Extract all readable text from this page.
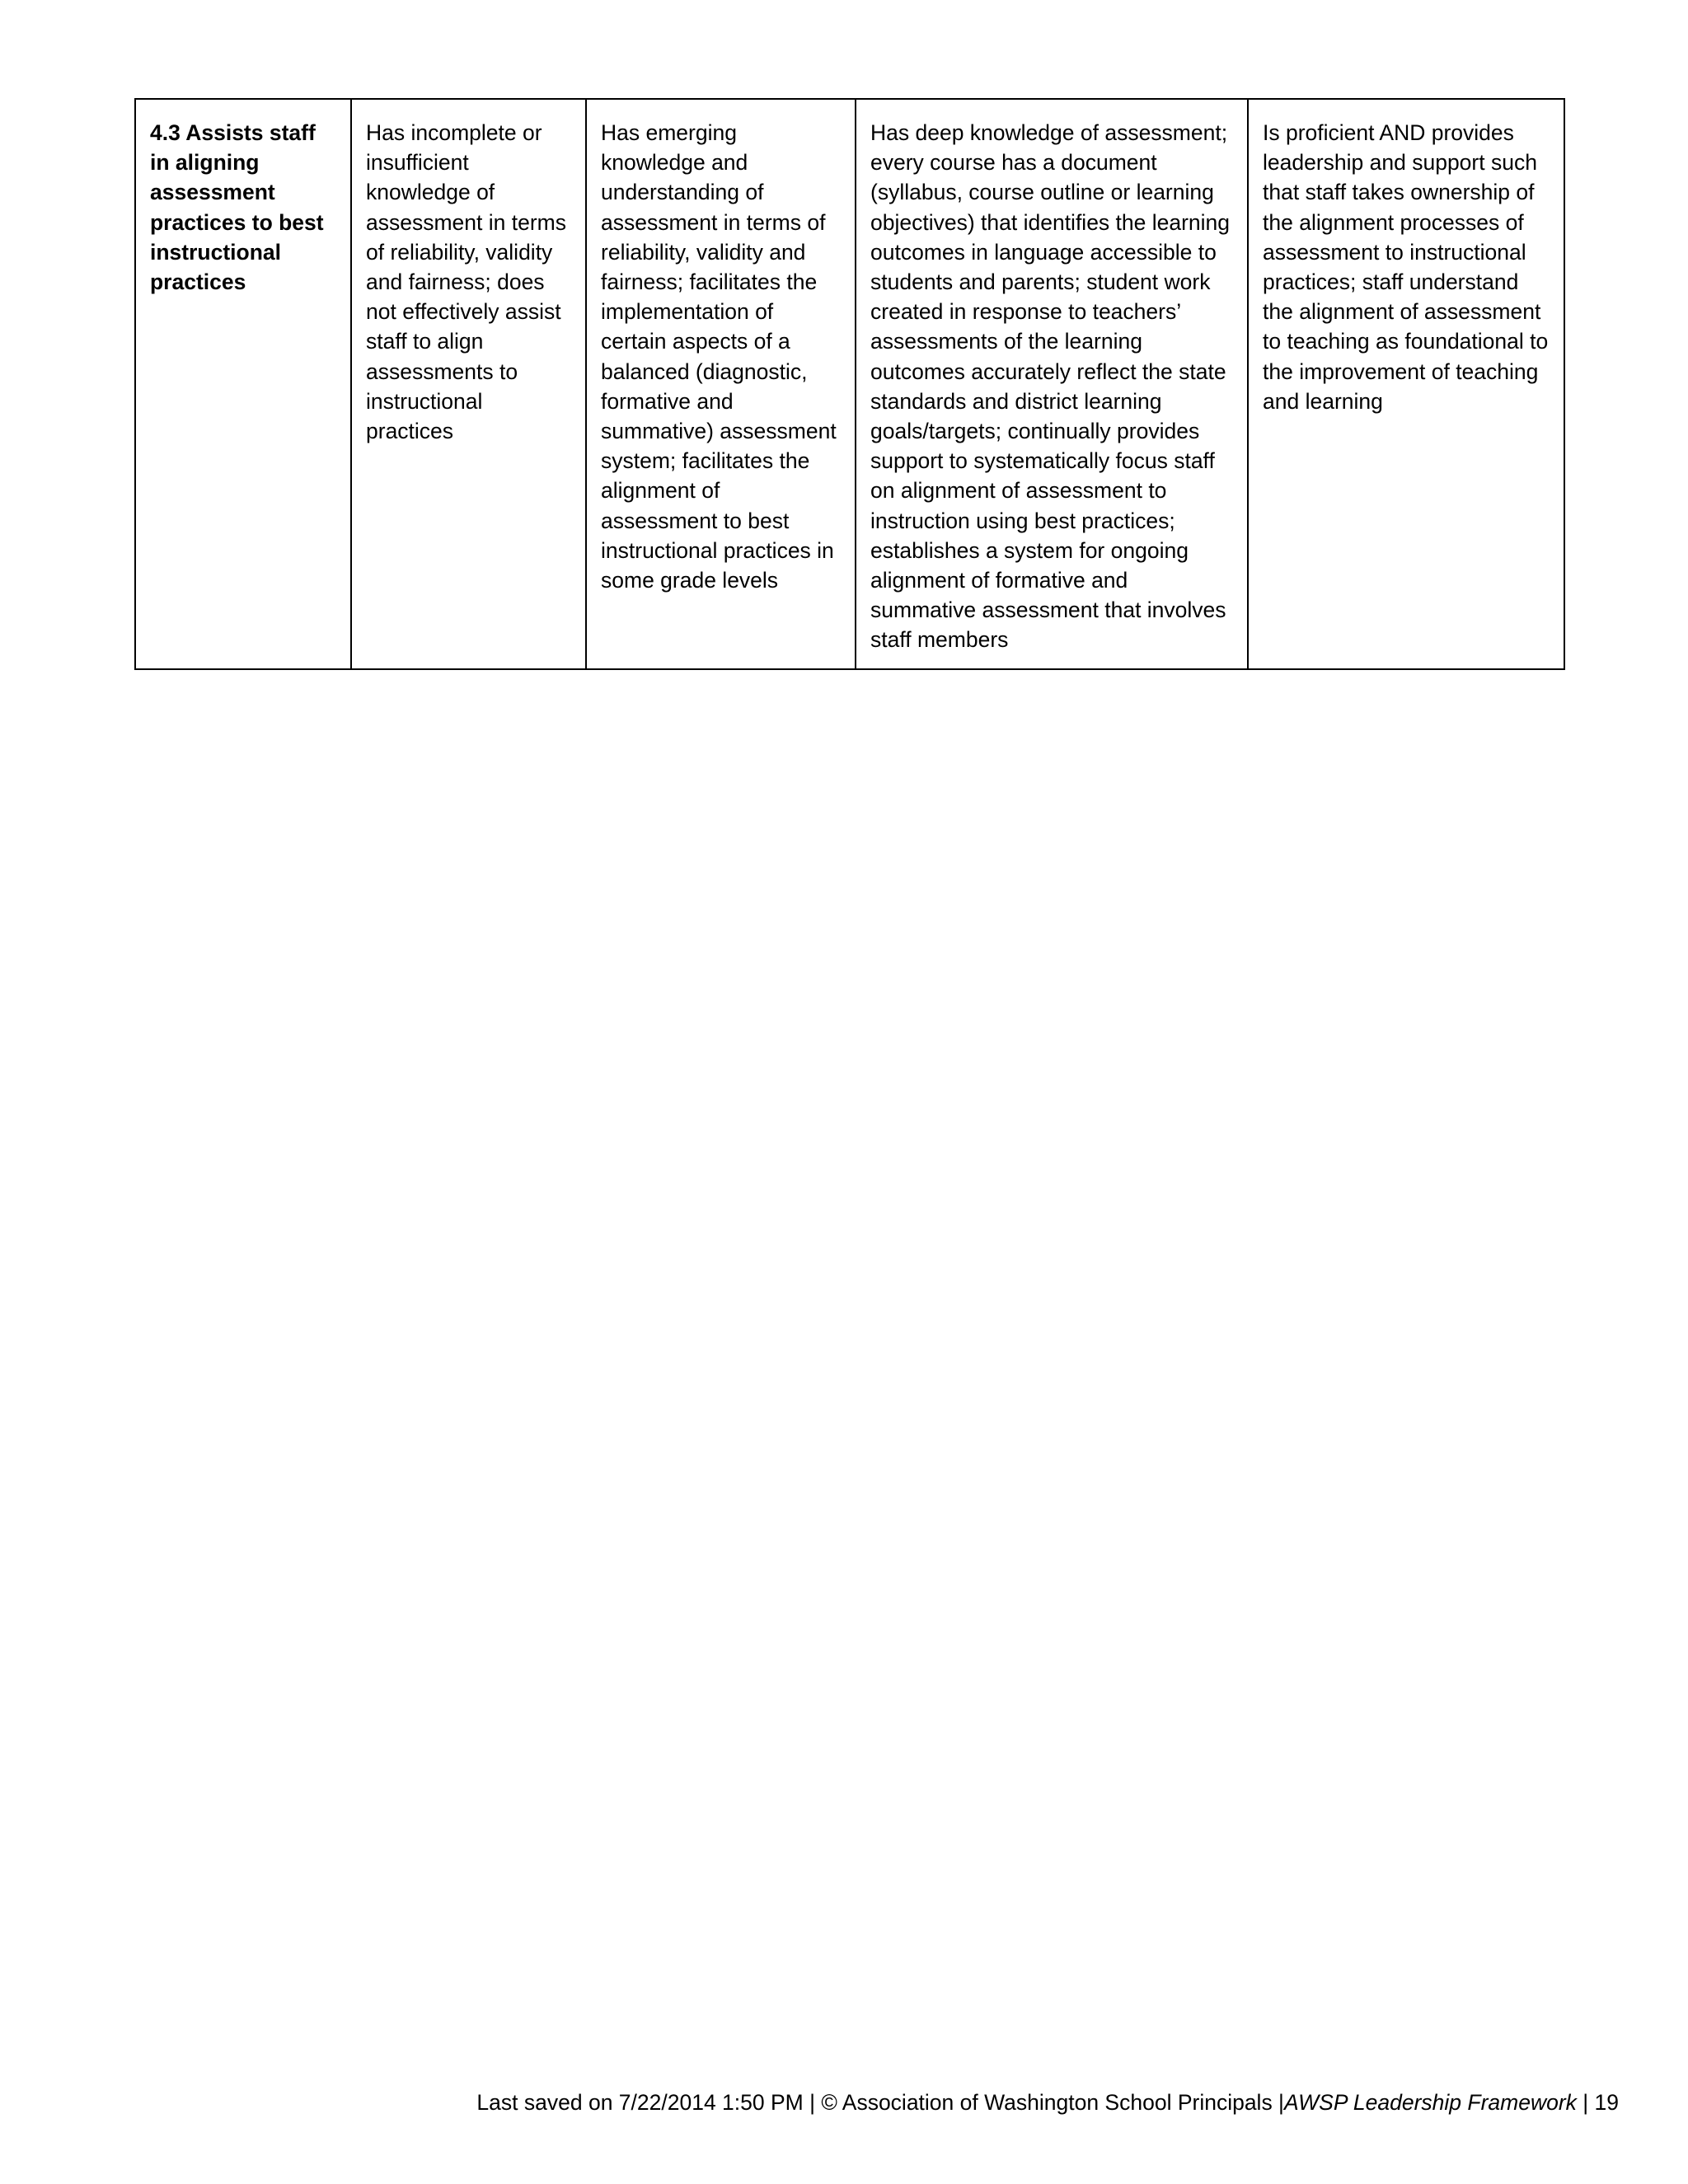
4.3 Assists staff in aligning assessment practices to best instructional practices	Has incomplete or insufficient knowledge of assessment in terms of reliability, validity and fairness; does not effectively assist staff to align assessments to instructional practices	Has emerging knowledge and understanding of assessment in terms of reliability, validity and fairness; facilitates the implementation of certain aspects of a balanced (diagnostic, formative and summative) assessment system; facilitates the alignment of assessment to best instructional practices in some grade levels	Has deep knowledge of assessment; every course has a document (syllabus, course outline or learning objectives) that identifies the learning outcomes in language accessible to students and parents; student work created in response to teachers’ assessments of the learning outcomes accurately reflect the state standards and district learning goals/targets; continually provides support to systematically focus staff on alignment of assessment to instruction using best practices; establishes a system for ongoing alignment of formative and summative assessment that involves staff members	Is proficient AND provides leadership and support such that staff takes ownership of the alignment processes of assessment to instructional practices; staff understand the alignment of assessment to teaching as foundational to the improvement of teaching and learning
Last saved on 7/22/2014 1:50 PM | © Association of Washington School Principals |AWSP Leadership Framework | 19
